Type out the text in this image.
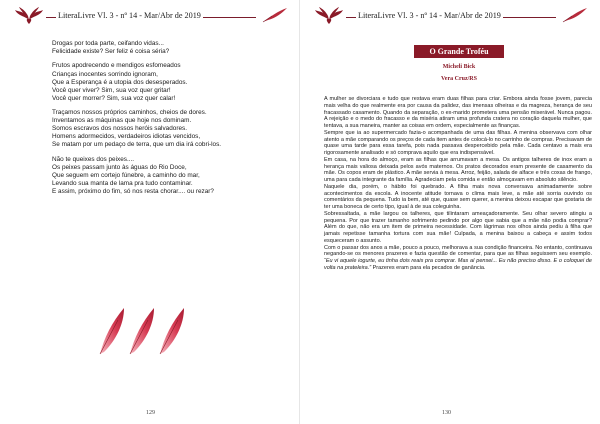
LiteraLivre Vl. 3 - nº 14 - Mar/Abr de 2019

Drogas por toda parte, ceifando vidas...
Felicidade existe? Ser feliz é coisa séria?

Frutos apodrecendo e mendigos esfomeados
Crianças inocentes sorrindo ignoram,
Que a Esperança é a utopia dos desesperados.
Você quer viver? Sim, sua voz quer gritar!
Você quer morrer? Sim, sua voz quer calar!

Traçamos nossos próprios caminhos, cheios de dores.
Inventamos as máquinas que hoje nos dominam.
Somos escravos dos nossos heróis salvadores.
Homens adormecidos, verdadeiros idiotas vencidos,
Se matam por um pedaço de terra, que um dia irá cobri-los.

Não te queixes dos peixes....
Os peixes passam junto às águas do Rio Doce,
Que seguem em cortejo fúnebre, a caminho do mar,
Levando sua manta de lama pra tudo contaminar.
E assim, próximo do fim, só nos resta chorar.... ou rezar?

129
LiteraLivre Vl. 3 - nº 14 - Mar/Abr de 2019
O Grande Troféu
Micheli Bick
Vera Cruz/RS

A mulher se divorciara e tudo que restava eram duas filhas para criar. Embora ainda fosse jovem, parecia mais velha do que realmente era por causa da palidez, das imensas olheiras e da magreza, herança de seu fracassado casamento. Quando da separação, o ex-marido prometera uma pensão miserável. Nunca pagou. A rejeição e o medo do fracasso e da miséria atiram uma profunda cratera no coração daquela mulher, que tentava, a sua maneira, manter as coisas em ordem, especialmente as finanças.

Sempre que ia ao supermercado fazia-o acompanhada de uma das filhas. A menina observava com olhar atento a mãe comparando os preços de cada item antes de colocá-lo no carrinho de compras. Precisavam de quase uma tarde para essa tarefa, pois nada passava despercebido pela mãe. Cada centavo a mais era rigorosamente analisado e só comprava aquilo que era indispensável.

Em casa, na hora do almoço, eram as filhas que arrumavam a mesa. Os antigos talheres de inox eram a herança mais valiosa deixada pelos avós maternos. Os pratos decorados eram presente de casamento da mãe. Os copos eram de plástico. A mãe servia à mesa. Arroz, feijão, salada de alface e três coxas de frango, uma para cada integrante da família. Agradeciam pela comida e então almoçavam em absoluto silêncio.

Naquele dia, porém, o hábito foi quebrado. A filha mais nova conversava animadamente sobre acontecimentos da escola. A inocente atitude tornava o clima mais leve, a mãe até sorria ouvindo os comentários da pequena. Tudo ia bem, até que, quase sem querer, a menina deixou escapar que gostaria de ter uma boneca de certo tipo, igual à de sua coleguinha.

Sobressaltada, a mãe largou os talheres, que tilintaram ameaçadoramente. Seu olhar severo atingiu a pequena. Por que trazer tamanho sofrimento pedindo por algo que sabia que a mãe não podia comprar? Além do que, não era um item de primeira necessidade. Com lágrimas nos olhos ainda pediu à filha que jamais repetisse tamanha tortura com sua mãe! Culpada, a menina baixou a cabeça e assim todos esqueceram o assunto.

Com o passar dos anos a mãe, pouco a pouco, melhorava a sua condição financeira. No entanto, continuava negando-se os menores prazeres e fazia questão de comentar, para que as filhas seguissem seu exemplo. “Eu vi aquele iogurte, eu tinha dois reais pra comprar. Mas aí pensei... Eu não preciso disso. E o coloquei de volta na prateleira.” Prazeres eram para ela pecados de ganância.

130
